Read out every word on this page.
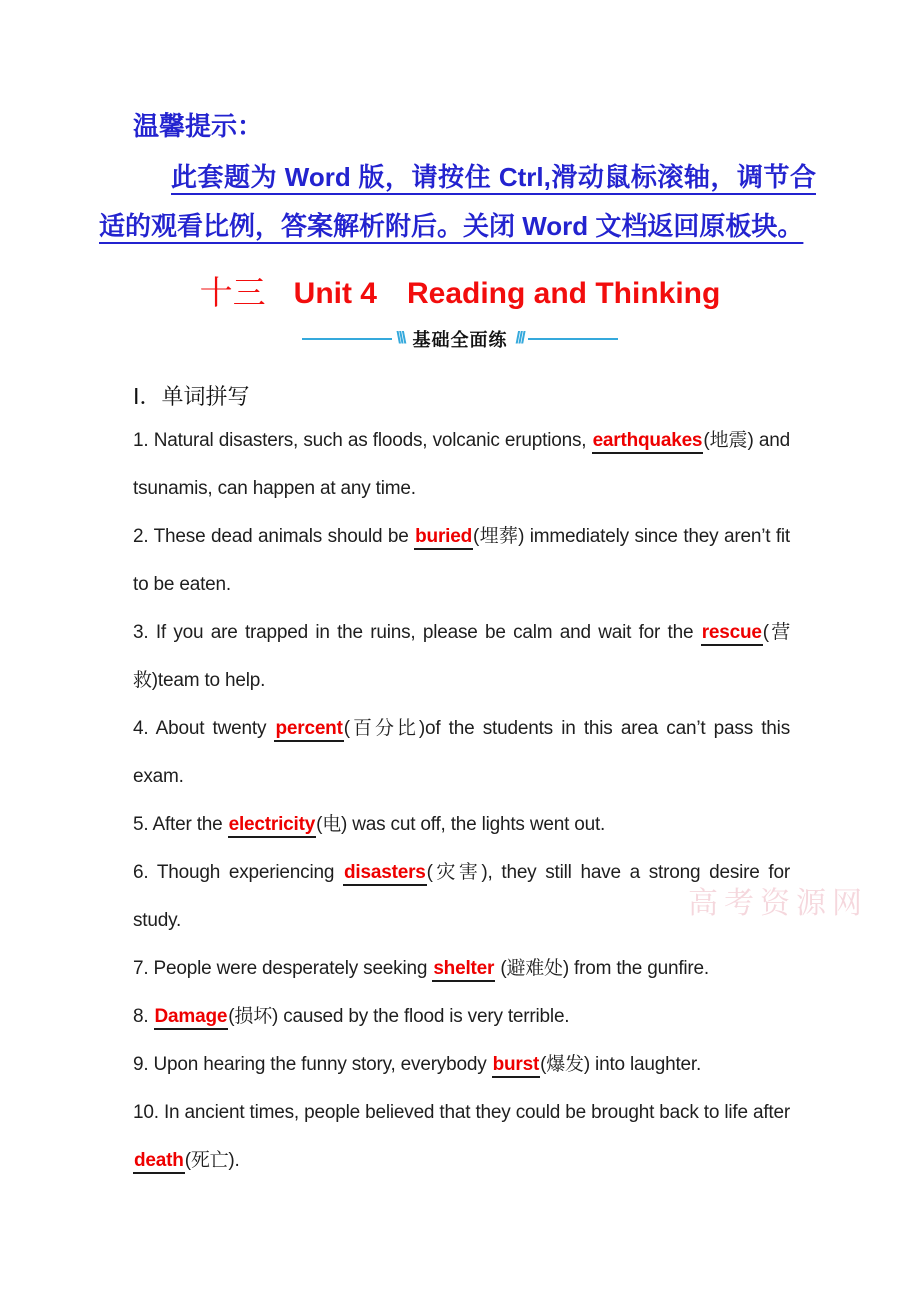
温馨提示：
此套题为 Word 版，请按住 Ctrl,滑动鼠标滚轴，调节合适的观看比例，答案解析附后。关闭 Word 文档返回原板块。
十三 Unit 4　Reading and Thinking
\\\ 基础全面练 ///
Ⅰ．单词拼写

1. Natural disasters, such as floods, volcanic eruptions, earthquakes(地震) and tsunamis, can happen at any time.

2. These dead animals should be buried(埋葬) immediately since they aren’t fit to be eaten.

3. If you are trapped in the ruins, please be calm and wait for the rescue(营救)team to help.

4. About twenty percent(百分比)of the students in this area can’t pass this exam.

5. After the electricity(电) was cut off, the lights went out.

6. Though experiencing disasters(灾害), they still have a strong desire for study.

7. People were desperately seeking shelter (避难处) from the gunfire.

8. Damage(损坏) caused by the flood is very terrible.

9. Upon hearing the funny story, everybody burst(爆发) into laughter.

10. In ancient times, people believed that they could be brought back to life after death(死亡).

高考资源网
